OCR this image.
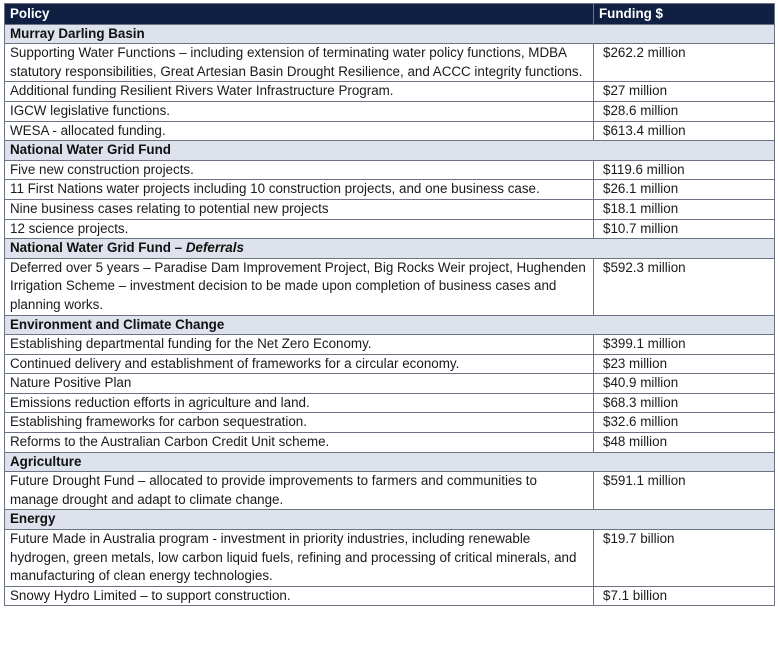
Policy	Funding $
Murray Darling Basin	
Supporting Water Functions – including extension of terminating water policy functions, MDBA statutory responsibilities, Great Artesian Basin Drought Resilience, and ACCC integrity functions.	$262.2 million
Additional funding Resilient Rivers Water Infrastructure Program.	$27 million
IGCW legislative functions.	$28.6 million
WESA - allocated funding.	$613.4 million
National Water Grid Fund	
Five new construction projects.	$119.6 million
11 First Nations water projects including 10 construction projects, and one business case.	$26.1 million
Nine business cases relating to potential new projects	$18.1 million
12 science projects.	$10.7 million
National Water Grid Fund – Deferrals	
Deferred over 5 years – Paradise Dam Improvement Project, Big Rocks Weir project, Hughenden Irrigation Scheme – investment decision to be made upon completion of business cases and planning works.	$592.3 million
Environment and Climate Change	
Establishing departmental funding for the Net Zero Economy.	$399.1 million
Continued delivery and establishment of frameworks for a circular economy.	$23 million
Nature Positive Plan	$40.9 million
Emissions reduction efforts in agriculture and land.	$68.3 million
Establishing frameworks for carbon sequestration.	$32.6 million
Reforms to the Australian Carbon Credit Unit scheme.	$48 million
Agriculture	
Future Drought Fund – allocated to provide improvements to farmers and communities to manage drought and adapt to climate change.	$591.1 million
Energy	
Future Made in Australia program - investment in priority industries, including renewable hydrogen, green metals, low carbon liquid fuels, refining and processing of critical minerals, and manufacturing of clean energy technologies.	$19.7 billion
Snowy Hydro Limited – to support construction.	$7.1 billion
